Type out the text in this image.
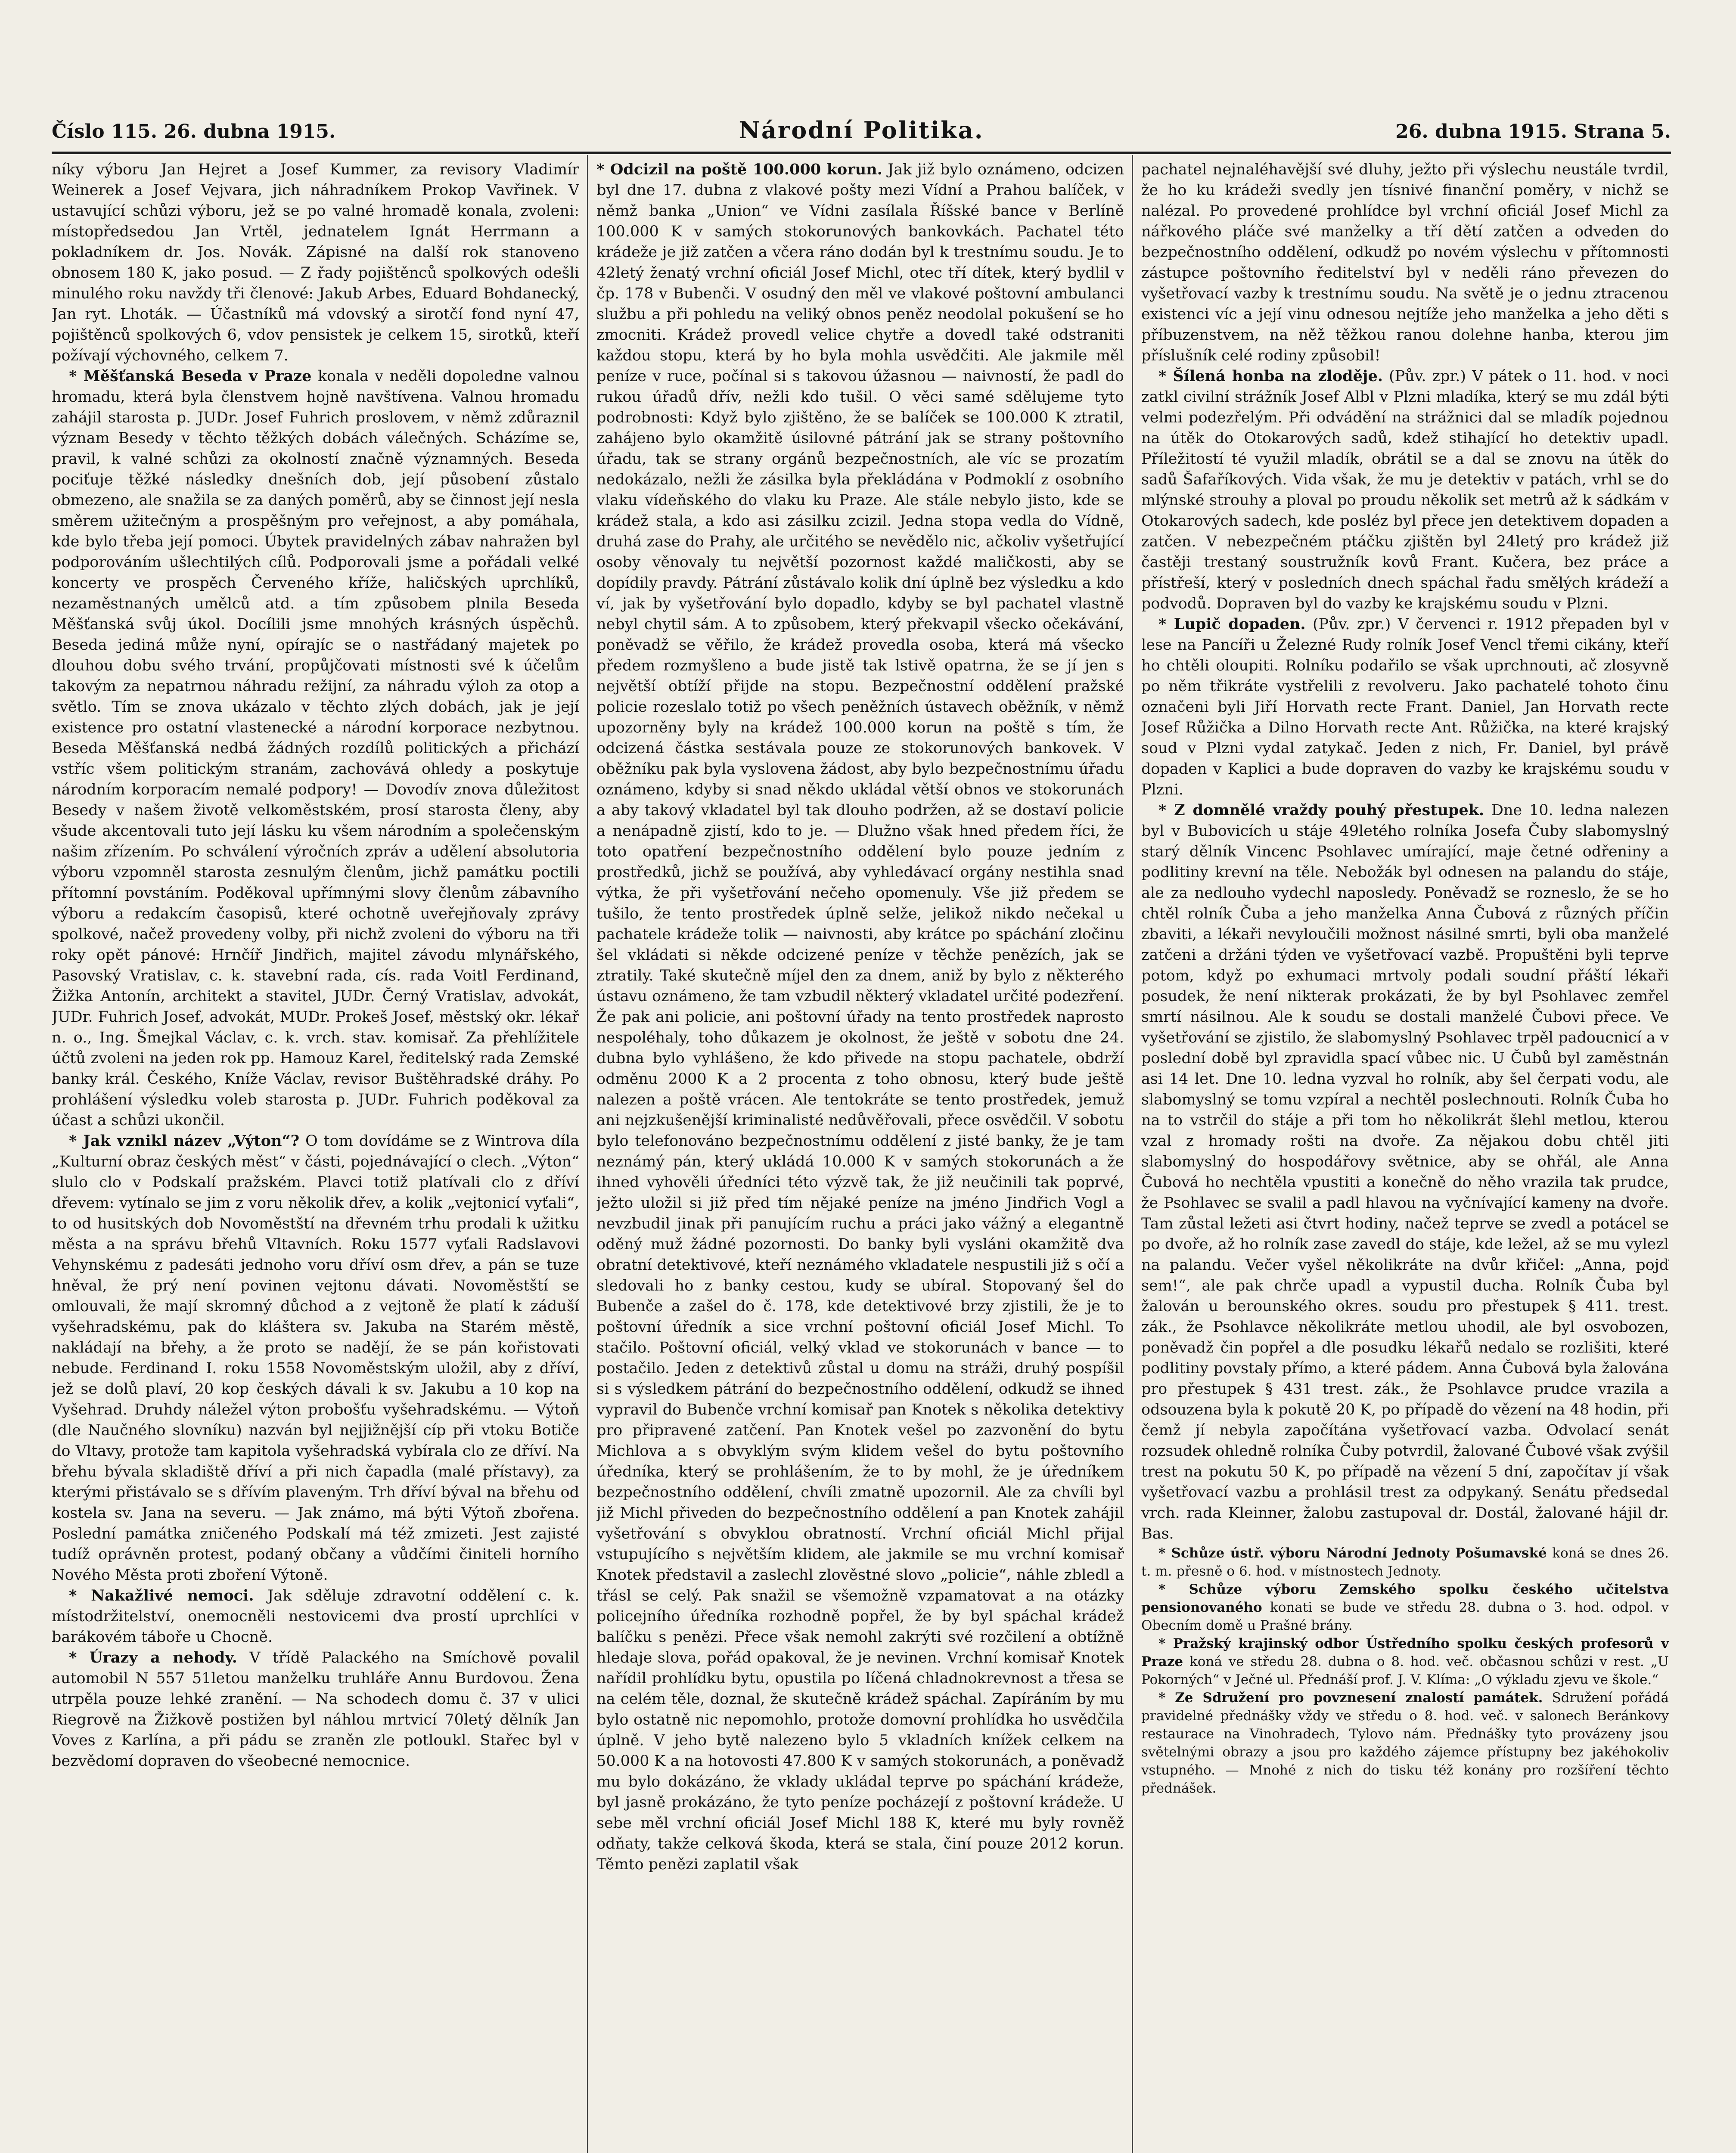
Číslo 115. 26. dubna 1915.	Národní Politika.	26. dubna 1915. Strana 5.

níky výboru Jan Hejret a Josef Kummer, za revisory Vladimír Weinerek a Josef Vejvara, jich náhradníkem Prokop Vavřinek. V ustavující schůzi výboru, jež se po valné hromadě konala, zvoleni: místopředsedou Jan Vrtěl, jednatelem Ignát Herrmann a pokladníkem dr. Jos. Novák. Zápisné na další rok stanoveno obnosem 180 K, jako posud. — Z řady pojištěnců spolkových odešli minulého roku navždy tři členové: Jakub Arbes, Eduard Bohdanecký, Jan ryt. Lhoták. — Účastníků má vdovský a sirotčí fond nyní 47, pojištěnců spolkových 6, vdov pensistek je celkem 15, sirotků, kteří požívají výchovného, celkem 7.

* Měšťanská Beseda v Praze konala v neděli dopoledne valnou hromadu, která byla členstvem hojně navštívena. Valnou hromadu zahájil starosta p. JUDr. Josef Fuhrich proslovem, v němž zdůraznil význam Besedy v těchto těžkých dobách válečných. Scházíme se, pravil, k valné schůzi za okolností značně významných. Beseda pociťuje těžké následky dnešních dob, její působení zůstalo obmezeno, ale snažila se za daných poměrů, aby se činnost její nesla směrem užitečným a prospěšným pro veřejnost, a aby pomáhala, kde bylo třeba její pomoci. Úbytek pravidelných zábav nahražen byl podporováním ušlechtilých cílů. Podporovali jsme a pořádali velké koncerty ve prospěch Červeného kříže, haličských uprchlíků, nezaměstnaných umělců atd. a tím způsobem plnila Beseda Měšťanská svůj úkol. Docílili jsme mnohých krásných úspěchů. Beseda jediná může nyní, opírajíc se o nastřádaný majetek po dlouhou dobu svého trvání, propůjčovati místnosti své k účelům takovým za nepatrnou náhradu režijní, za náhradu výloh za otop a světlo. Tím se znova ukázalo v těchto zlých dobách, jak je její existence pro ostatní vlastenecké a národní korporace nezbytnou. Beseda Měšťanská nedbá žádných rozdílů politických a přichází vstříc všem politickým stranám, zachovává ohledy a poskytuje národním korporacím nemalé podpory! — Dovodív znova důležitost Besedy v našem životě velkoměstském, prosí starosta členy, aby všude akcentovali tuto její lásku ku všem národním a společenským našim zřízením. Po schválení výročních zpráv a udělení absolutoria výboru vzpomněl starosta zesnulým členům, jichž památku poctili přítomní povstáním. Poděkoval upřímnými slovy členům zábavního výboru a redakcím časopisů, které ochotně uveřejňovaly zprávy spolkové, načež provedeny volby, při nichž zvoleni do výboru na tři roky opět pánové: Hrnčíř Jindřich, majitel závodu mlynářského, Pasovský Vratislav, c. k. stavební rada, cís. rada Voitl Ferdinand, Žižka Antonín, architekt a stavitel, JUDr. Černý Vratislav, advokát, JUDr. Fuhrich Josef, advokát, MUDr. Prokeš Josef, městský okr. lékař n. o., Ing. Šmejkal Václav, c. k. vrch. stav. komisař. Za přehlížitele účtů zvoleni na jeden rok pp. Hamouz Karel, ředitelský rada Zemské banky král. Českého, Kníže Václav, revisor Buštěhradské dráhy. Po prohlášení výsledku voleb starosta p. JUDr. Fuhrich poděkoval za účast a schůzi ukončil.

* Jak vznikl název „Výton“? O tom dovídáme se z Wintrova díla „Kulturní obraz českých měst“ v části, pojednávající o clech. „Výton“ slulo clo v Podskalí pražském. Plavci totiž platívali clo z dříví dřevem: vytínalo se jim z voru několik dřev, a kolik „vejtonicí vyťali“, to od husitských dob Novoměstští na dřevném trhu prodali k užitku města a na správu břehů Vltavních. Roku 1577 vyťali Radslavovi Vehynskému z padesáti jednoho voru dříví osm dřev, a pán se tuze hněval, že prý není povinen vejtonu dávati. Novoměstští se omlouvali, že mají skromný důchod a z vejtoně že platí k záduší vyšehradskému, pak do kláštera sv. Jakuba na Starém městě, nakládají na břehy, a že proto se nadějí, že se pán kořistovati nebude. Ferdinand I. roku 1558 Novoměstským uložil, aby z dříví, jež se dolů plaví, 20 kop českých dávali k sv. Jakubu a 10 kop na Vyšehrad. Druhdy náležel výton probošťu vyšehradskému. — Výtoň (dle Naučného slovníku) nazván byl nejjižnější cíp při vtoku Botiče do Vltavy, protože tam kapitola vyšehradská vybírala clo ze dříví. Na břehu bývala skladiště dříví a při nich čapadla (malé přístavy), za kterými přistávalo se s dřívím plaveným. Trh dříví býval na břehu od kostela sv. Jana na severu. — Jak známo, má býti Výtoň zbořena. Poslední památka zničeného Podskalí má též zmizeti. Jest zajisté tudíž oprávněn protest, podaný občany a vůdčími činiteli horního Nového Města proti zboření Výtoně.

* Nakažlivé nemoci. Jak sděluje zdravotní oddělení c. k. místodržitelství, onemocněli nestovicemi dva prostí uprchlíci v barákovém táboře u Chocně.

* Úrazy a nehody. V třídě Palackého na Smíchově povalil automobil N 557 51letou manželku truhláře Annu Burdovou. Žena utrpěla pouze lehké zranění. — Na schodech domu č. 37 v ulici Riegrově na Žižkově postižen byl náhlou mrtvicí 70letý dělník Jan Voves z Karlína, a při pádu se zraněn zle potloukl. Stařec byl v bezvědomí dopraven do všeobecné nemocnice.

* Odcizil na poště 100.000 korun. Jak již bylo oznámeno, odcizen byl dne 17. dubna z vlakové pošty mezi Vídní a Prahou balíček, v němž banka „Union“ ve Vídni zasílala Říšské bance v Berlíně 100.000 K v samých stokorunových bankovkách. Pachatel této krádeže je již zatčen a včera ráno dodán byl k trestnímu soudu. Je to 42letý ženatý vrchní oficiál Josef Michl, otec tří dítek, který bydlil v čp. 178 v Bubenči. V osudný den měl ve vlakové poštovní ambulanci službu a při pohledu na veliký obnos peněz neodolal pokušení se ho zmocniti. Krádež provedl velice chytře a dovedl také odstraniti každou stopu, která by ho byla mohla usvědčiti. Ale jakmile měl peníze v ruce, počínal si s takovou úžasnou — naivností, že padl do rukou úřadů dřív, nežli kdo tušil. O věci samé sdělujeme tyto podrobnosti: Když bylo zjištěno, že se balíček se 100.000 K ztratil, zahájeno bylo okamžitě úsilovné pátrání jak se strany poštovního úřadu, tak se strany orgánů bezpečnostních, ale víc se prozatím nedokázalo, nežli že zásilka byla překládána v Podmoklí z osobního vlaku vídeňského do vlaku ku Praze. Ale stále nebylo jisto, kde se krádež stala, a kdo asi zásilku zcizil. Jedna stopa vedla do Vídně, druhá zase do Prahy, ale určitého se nevědělo nic, ačkoliv vyšetřující osoby věnovaly tu největší pozornost každé maličkosti, aby se dopídily pravdy. Pátrání zůstávalo kolik dní úplně bez výsledku a kdo ví, jak by vyšetřování bylo dopadlo, kdyby se byl pachatel vlastně nebyl chytil sám. A to způsobem, který překvapil všecko očekávání, poněvadž se věřilo, že krádež provedla osoba, která má všecko předem rozmyšleno a bude jistě tak lstivě opatrna, že se jí jen s největší obtíží přijde na stopu. Bezpečnostní oddělení pražské policie rozeslalo totiž po všech peněžních ústavech oběžník, v němž upozorněny byly na krádež 100.000 korun na poště s tím, že odcizená částka sestávala pouze ze stokorunových bankovek. V oběžníku pak byla vyslovena žádost, aby bylo bezpečnostnímu úřadu oznámeno, kdyby si snad někdo ukládal větší obnos ve stokorunách a aby takový vkladatel byl tak dlouho podržen, až se dostaví policie a nenápadně zjistí, kdo to je. — Dlužno však hned předem říci, že toto opatření bezpečnostního oddělení bylo pouze jedním z prostředků, jichž se používá, aby vyhledávací orgány nestihla snad výtka, že při vyšetřování nečeho opomenuly. Vše již předem se tušilo, že tento prostředek úplně selže, jelikož nikdo nečekal u pachatele krádeže tolik — naivnosti, aby krátce po spáchání zločinu šel vkládati si někde odcizené peníze v těchže penězích, jak se ztratily. Také skutečně míjel den za dnem, aniž by bylo z některého ústavu oznámeno, že tam vzbudil některý vkladatel určité podezření. Že pak ani policie, ani poštovní úřady na tento prostředek naprosto nespoléhaly, toho důkazem je okolnost, že ještě v sobotu dne 24. dubna bylo vyhlášeno, že kdo přivede na stopu pachatele, obdrží odměnu 2000 K a 2 procenta z toho obnosu, který bude ještě nalezen a poště vrácen. Ale tentokráte se tento prostředek, jemuž ani nejzkušenější kriminalisté nedůvěřovali, přece osvědčil. V sobotu bylo telefonováno bezpečnostnímu oddělení z jisté banky, že je tam neznámý pán, který ukládá 10.000 K v samých stokorunách a že ihned vyhověli úředníci této výzvě tak, že již neučinili tak poprvé, ježto uložil si již před tím nějaké peníze na jméno Jindřich Vogl a nevzbudil jinak při panujícím ruchu a práci jako vážný a elegantně oděný muž žádné pozornosti. Do banky byli vysláni okamžitě dva obratní detektivové, kteří neznámého vkladatele nespustili již s očí a sledovali ho z banky cestou, kudy se ubíral. Stopovaný šel do Bubenče a zašel do č. 178, kde detektivové brzy zjistili, že je to poštovní úředník a sice vrchní poštovní oficiál Josef Michl. To stačilo. Poštovní oficiál, velký vklad ve stokorunách v bance — to postačilo. Jeden z detektivů zůstal u domu na stráži, druhý pospíšil si s výsledkem pátrání do bezpečnostního oddělení, odkudž se ihned vypravil do Bubenče vrchní komisař pan Knotek s několika detektivy pro připravené zatčení. Pan Knotek vešel po zazvonění do bytu Michlova a s obvyklým svým klidem vešel do bytu poštovního úředníka, který se prohlášením, že to by mohl, že je úředníkem bezpečnostního oddělení, chvíli zmatně upozornil. Ale za chvíli byl již Michl přiveden do bezpečnostního oddělení a pan Knotek zahájil vyšetřování s obvyklou obratností. Vrchní oficiál Michl přijal vstupujícího s největším klidem, ale jakmile se mu vrchní komisař Knotek představil a zaslechl zlověstné slovo „policie“, náhle zbledl a třásl se celý. Pak snažil se všemožně vzpamatovat a na otázky policejního úředníka rozhodně popřel, že by byl spáchal krádež balíčku s penězi. Přece však nemohl zakrýti své rozčilení a obtížně hledaje slova, pořád opakoval, že je nevinen. Vrchní komisař Knotek nařídil prohlídku bytu, opustila po líčená chladnokrevnost a třesa se na celém těle, doznal, že skutečně krádež spáchal. Zapíráním by mu bylo ostatně nic nepomohlo, protože domovní prohlídka ho usvědčila úplně. V jeho bytě nalezeno bylo 5 vkladních knížek celkem na 50.000 K a na hotovosti 47.800 K v samých stokorunách, a poněvadž mu bylo dokázáno, že vklady ukládal teprve po spáchání krádeže, byl jasně prokázáno, že tyto peníze pocházejí z poštovní krádeže. U sebe měl vrchní oficiál Josef Michl 188 K, které mu byly rovněž odňaty, takže celková škoda, která se stala, činí pouze 2012 korun. Těmto penězi zaplatil však

pachatel nejnaléhavější své dluhy, ježto při výslechu neustále tvrdil, že ho ku krádeži svedly jen tísnivé finanční poměry, v nichž se nalézal. Po provedené prohlídce byl vrchní oficiál Josef Michl za nářkového pláče své manželky a tří dětí zatčen a odveden do bezpečnostního oddělení, odkudž po novém výslechu v přítomnosti zástupce poštovního ředitelství byl v neděli ráno převezen do vyšetřovací vazby k trestnímu soudu. Na světě je o jednu ztracenou existenci víc a její vinu odnesou nejtíže jeho manželka a jeho děti s příbuzenstvem, na něž těžkou ranou dolehne hanba, kterou jim příslušník celé rodiny způsobil!

* Šílená honba na zloděje. (Pův. zpr.) V pátek o 11. hod. v noci zatkl civilní strážník Josef Albl v Plzni mladíka, který se mu zdál býti velmi podezřelým. Při odvádění na strážnici dal se mladík pojednou na útěk do Otokarových sadů, kdež stihající ho detektiv upadl. Příležitostí té využil mladík, obrátil se a dal se znovu na útěk do sadů Šafaříkových. Vida však, že mu je detektiv v patách, vrhl se do mlýnské strouhy a ploval po proudu několik set metrů až k sádkám v Otokarových sadech, kde posléz byl přece jen detektivem dopaden a zatčen. V nebezpečném ptáčku zjištěn byl 24letý pro krádež již častěji trestaný soustružník kovů Frant. Kučera, bez práce a přístřeší, který v posledních dnech spáchal řadu smělých krádeží a podvodů. Dopraven byl do vazby ke krajskému soudu v Plzni.

* Lupič dopaden. (Pův. zpr.) V červenci r. 1912 přepaden byl v lese na Pancíři u Železné Rudy rolník Josef Vencl třemi cikány, kteří ho chtěli oloupiti. Rolníku podařilo se však uprchnouti, ač zlosyvně po něm třikráte vystřelili z revolveru. Jako pachatelé tohoto činu označeni byli Jiří Horvath recte Frant. Daniel, Jan Horvath recte Josef Růžička a Dilno Horvath recte Ant. Růžička, na které krajský soud v Plzni vydal zatykač. Jeden z nich, Fr. Daniel, byl právě dopaden v Kaplici a bude dopraven do vazby ke krajskému soudu v Plzni.

* Z domnělé vraždy pouhý přestupek. Dne 10. ledna nalezen byl v Bubovicích u stáje 49letého rolníka Josefa Čuby slabomyslný starý dělník Vincenc Psohlavec umírající, maje četné odřeniny a podlitiny krevní na těle. Nebožák byl odnesen na palandu do stáje, ale za nedlouho vydechl naposledy. Poněvadž se rozneslo, že se ho chtěl rolník Čuba a jeho manželka Anna Čubová z různých příčin zbaviti, a lékaři nevyloučili možnost násilné smrti, byli oba manželé zatčeni a držáni týden ve vyšetřovací vazbě. Propuštěni byli teprve potom, když po exhumaci mrtvoly podali soudní přáští lékaři posudek, že není nikterak prokázati, že by byl Psohlavec zemřel smrtí násilnou. Ale k soudu se dostali manželé Čubovi přece. Ve vyšetřování se zjistilo, že slabomyslný Psohlavec trpěl padoucnicí a v poslední době byl zpravidla spací vůbec nic. U Čubů byl zaměstnán asi 14 let. Dne 10. ledna vyzval ho rolník, aby šel čerpati vodu, ale slabomyslný se tomu vzpíral a nechtěl poslechnouti. Rolník Čuba ho na to vstrčil do stáje a při tom ho několikrát šlehl metlou, kterou vzal z hromady rošti na dvoře. Za nějakou dobu chtěl jiti slabomyslný do hospodářovy světnice, aby se ohřál, ale Anna Čubová ho nechtěla vpustiti a konečně do něho vrazila tak prudce, že Psohlavec se svalil a padl hlavou na vyčnívající kameny na dvoře. Tam zůstal ležeti asi čtvrt hodiny, načež teprve se zvedl a potácel se po dvoře, až ho rolník zase zavedl do stáje, kde ležel, až se mu vylezl na palandu. Večer vyšel několikráte na dvůr křičel: „Anna, pojď sem!“, ale pak chrče upadl a vypustil ducha. Rolník Čuba byl žalován u berounského okres. soudu pro přestupek § 411. trest. zák., že Psohlavce několikráte metlou uhodil, ale byl osvobozen, poněvadž čin popřel a dle posudku lékařů nedalo se rozlišiti, které podlitiny povstaly přímo, a které pádem. Anna Čubová byla žalována pro přestupek § 431 trest. zák., že Psohlavce prudce vrazila a odsouzena byla k pokutě 20 K, po případě do vězení na 48 hodin, při čemž jí nebyla započítána vyšetřovací vazba. Odvolací senát rozsudek ohledně rolníka Čuby potvrdil, žalované Čubové však zvýšil trest na pokutu 50 K, po případě na vězení 5 dní, započítav jí však vyšetřovací vazbu a prohlásil trest za odpykaný. Senátu předsedal vrch. rada Kleinner, žalobu zastupoval dr. Dostál, žalované hájil dr. Bas.

* Schůze ústř. výboru Národní Jednoty Pošumavské koná se dnes 26. t. m. přesně o 6. hod. v místnostech Jednoty.

* Schůze výboru Zemského spolku českého učitelstva pensionovaného konati se bude ve středu 28. dubna o 3. hod. odpol. v Obecním domě u Prašné brány.

* Pražský krajinský odbor Ústředního spolku českých profesorů v Praze koná ve středu 28. dubna o 8. hod. več. občasnou schůzi v rest. „U Pokorných“ v Ječné ul. Přednáší prof. J. V. Klíma: „O výkladu zjevu ve škole.“

* Ze Sdružení pro povznesení znalostí památek. Sdružení pořádá pravidelné přednášky vždy ve středu o 8. hod. več. v salonech Beránkovy restaurace na Vinohradech, Tylovo nám. Přednášky tyto provázeny jsou světelnými obrazy a jsou pro každého zájemce přístupny bez jakéhokoliv vstupného. — Mnohé z nich do tisku též konány pro rozšíření těchto přednášek.
